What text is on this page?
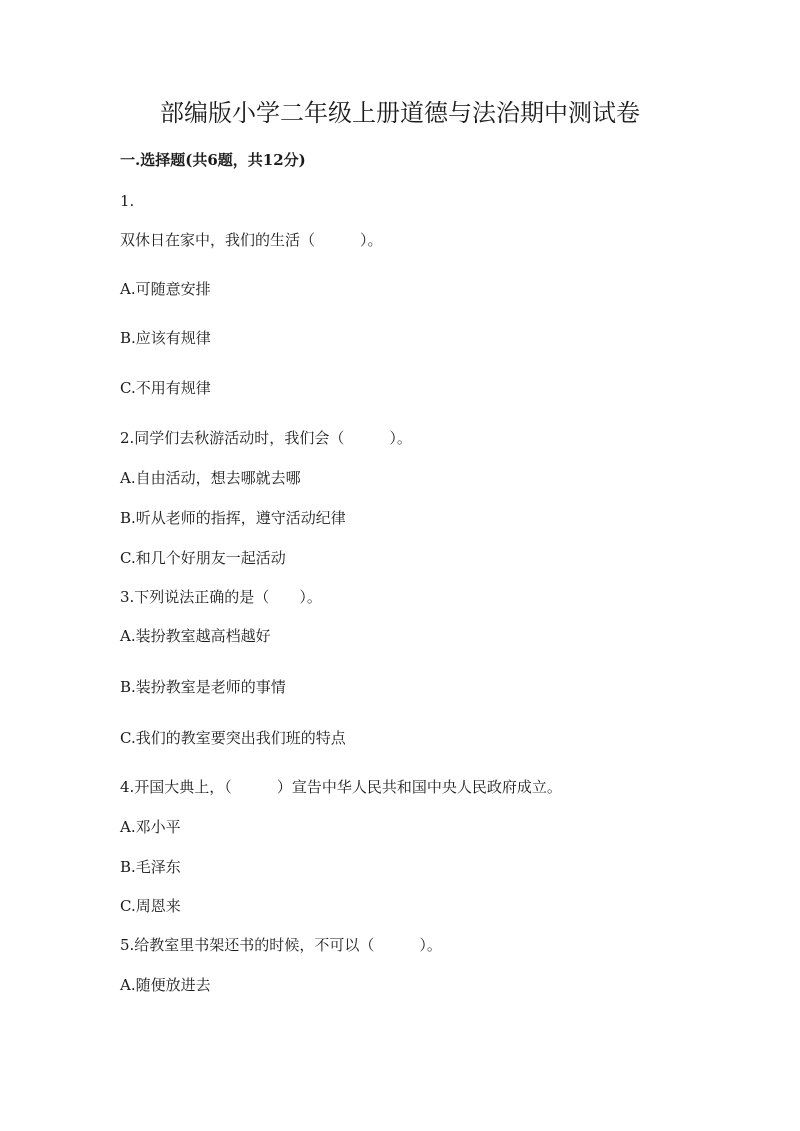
部编版小学二年级上册道德与法治期中测试卷
一.选择题(共6题，共12分)
1.
双休日在家中，我们的生活（　　　）。
A.可随意安排
B.应该有规律
C.不用有规律
2.同学们去秋游活动时，我们会（　　　）。
A.自由活动，想去哪就去哪
B.听从老师的指挥，遵守活动纪律
C.和几个好朋友一起活动
3.下列说法正确的是（　　）。
A.装扮教室越高档越好
B.装扮教室是老师的事情
C.我们的教室要突出我们班的特点
4.开国大典上，（　　　）宣告中华人民共和国中央人民政府成立。
A.邓小平
B.毛泽东
C.周恩来
5.给教室里书架还书的时候，不可以（　　　）。
A.随便放进去
